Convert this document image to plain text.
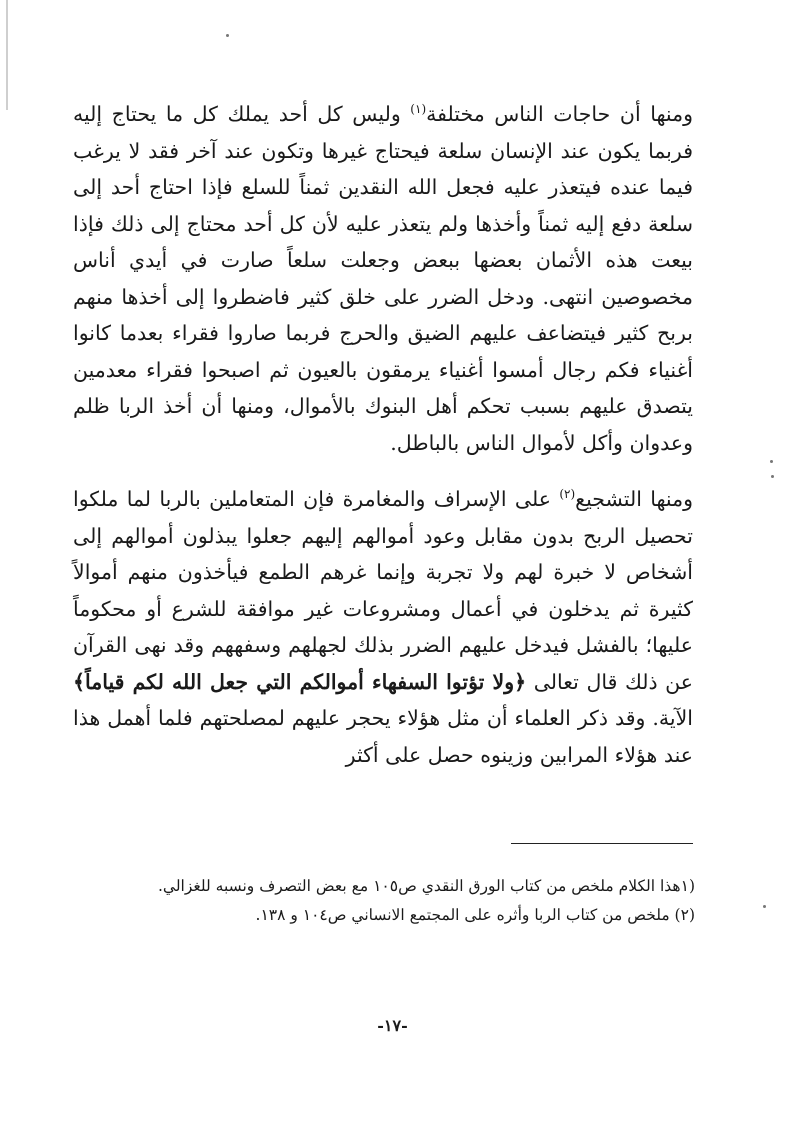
ومنها أن حاجات الناس مختلفة$^{(١)}$ وليس كل أحد يملك كل ما يحتاج إليه فربما يكون عند الإنسان سلعة فيحتاج غيرها وتكون عند آخر فقد لا يرغب فيما عنده فيتعذر عليه فجعل الله النقدين ثمناً للسلع فإذا احتاج أحد إلى سلعة دفع إليه ثمناً وأخذها ولم يتعذر عليه لأن كل أحد محتاج إلى ذلك فإذا بيعت هذه الأثمان بعضها ببعض وجعلت سلعاً صارت في أيدي أناس مخصوصين انتهى. ودخل الضرر على خلق كثير فاضطروا إلى أخذها منهم بربح كثير فيتضاعف عليهم الضيق والحرج فربما صاروا فقراء بعدما كانوا أغنياء فكم رجال أمسوا أغنياء يرمقون بالعيون ثم اصبحوا فقراء معدمين يتصدق عليهم بسبب تحكم أهل البنوك بالأموال، ومنها أن أخذ الربا ظلم وعدوان وأكل لأموال الناس بالباطل.

ومنها التشجيع$^{(٢)}$ على الإسراف والمغامرة فإن المتعاملين بالربا لما ملكوا تحصيل الربح بدون مقابل وعود أموالهم إليهم جعلوا يبذلون أموالهم إلى أشخاص لا خبرة لهم ولا تجربة وإنما غرهم الطمع فيأخذون منهم أموالاً كثيرة ثم يدخلون في أعمال ومشروعات غير موافقة للشرع أو محكوماً عليها؛ بالفشل فيدخل عليهم الضرر بذلك لجهلهم وسفههم وقد نهى القرآن عن ذلك قال تعالى ﴿ولا تؤتوا السفهاء أموالكم التي جعل الله لكم قياماً﴾ الآية. وقد ذكر العلماء أن مثل هؤلاء يحجر عليهم لمصلحتهم فلما أهمل هذا عند هؤلاء المرابين وزينوه حصل على أكثر

(١هذا الكلام ملخص من كتاب الورق النقدي ص١٠٥ مع بعض التصرف ونسبه للغزالي.

(٢) ملخص من كتاب الربا وأثره على المجتمع الانساني ص١٠٤ و ١٣٨.

-١٧-
